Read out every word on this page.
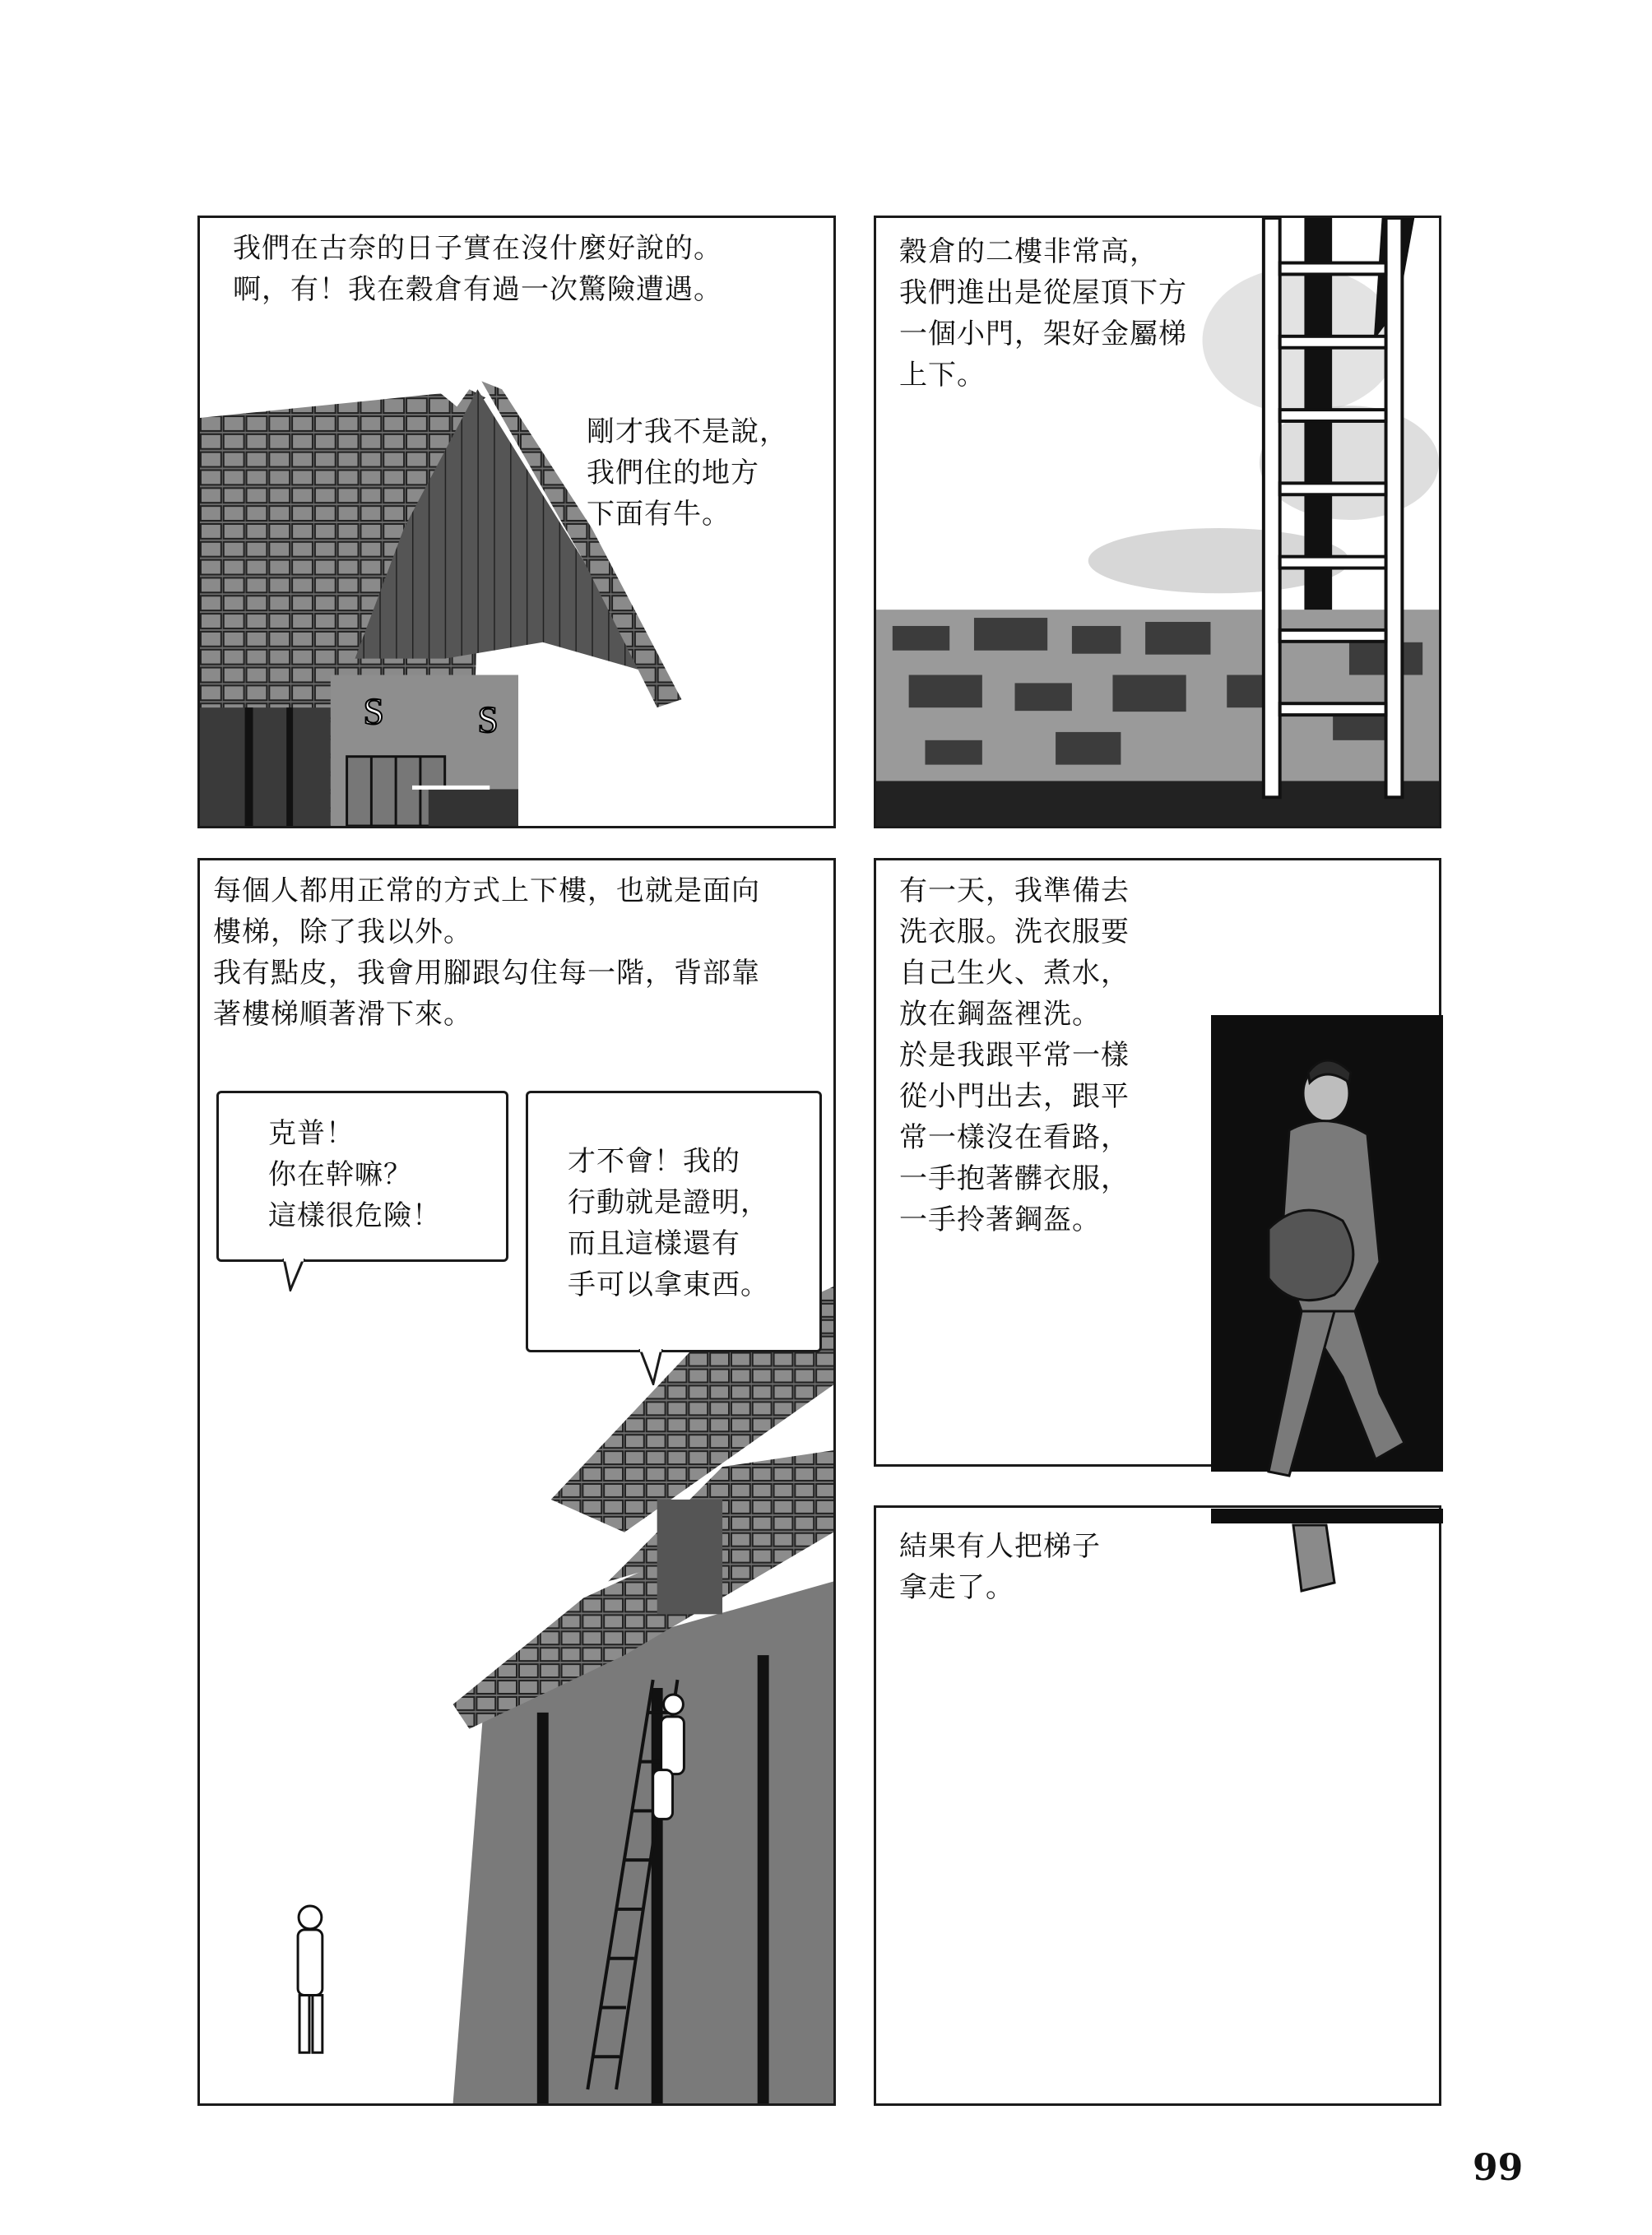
S S
我們在古奈的日子實在沒什麼好說的。
啊，有！我在穀倉有過一次驚險遭遇。
剛才我不是說，
我們住的地方
下面有牛。
穀倉的二樓非常高，
我們進出是從屋頂下方
一個小門，架好金屬梯
上下。
每個人都用正常的方式上下樓，也就是面向
樓梯，除了我以外。
我有點皮，我會用腳跟勾住每一階，背部靠
著樓梯順著滑下來。
克普！
你在幹嘛？
這樣很危險！
才不會！我的
行動就是證明，
而且這樣還有
手可以拿東西。
有一天，我準備去
洗衣服。洗衣服要
自己生火、煮水，
放在鋼盔裡洗。
於是我跟平常一樣
從小門出去，跟平
常一樣沒在看路，
一手抱著髒衣服，
一手拎著鋼盔。
結果有人把梯子
拿走了。
99
